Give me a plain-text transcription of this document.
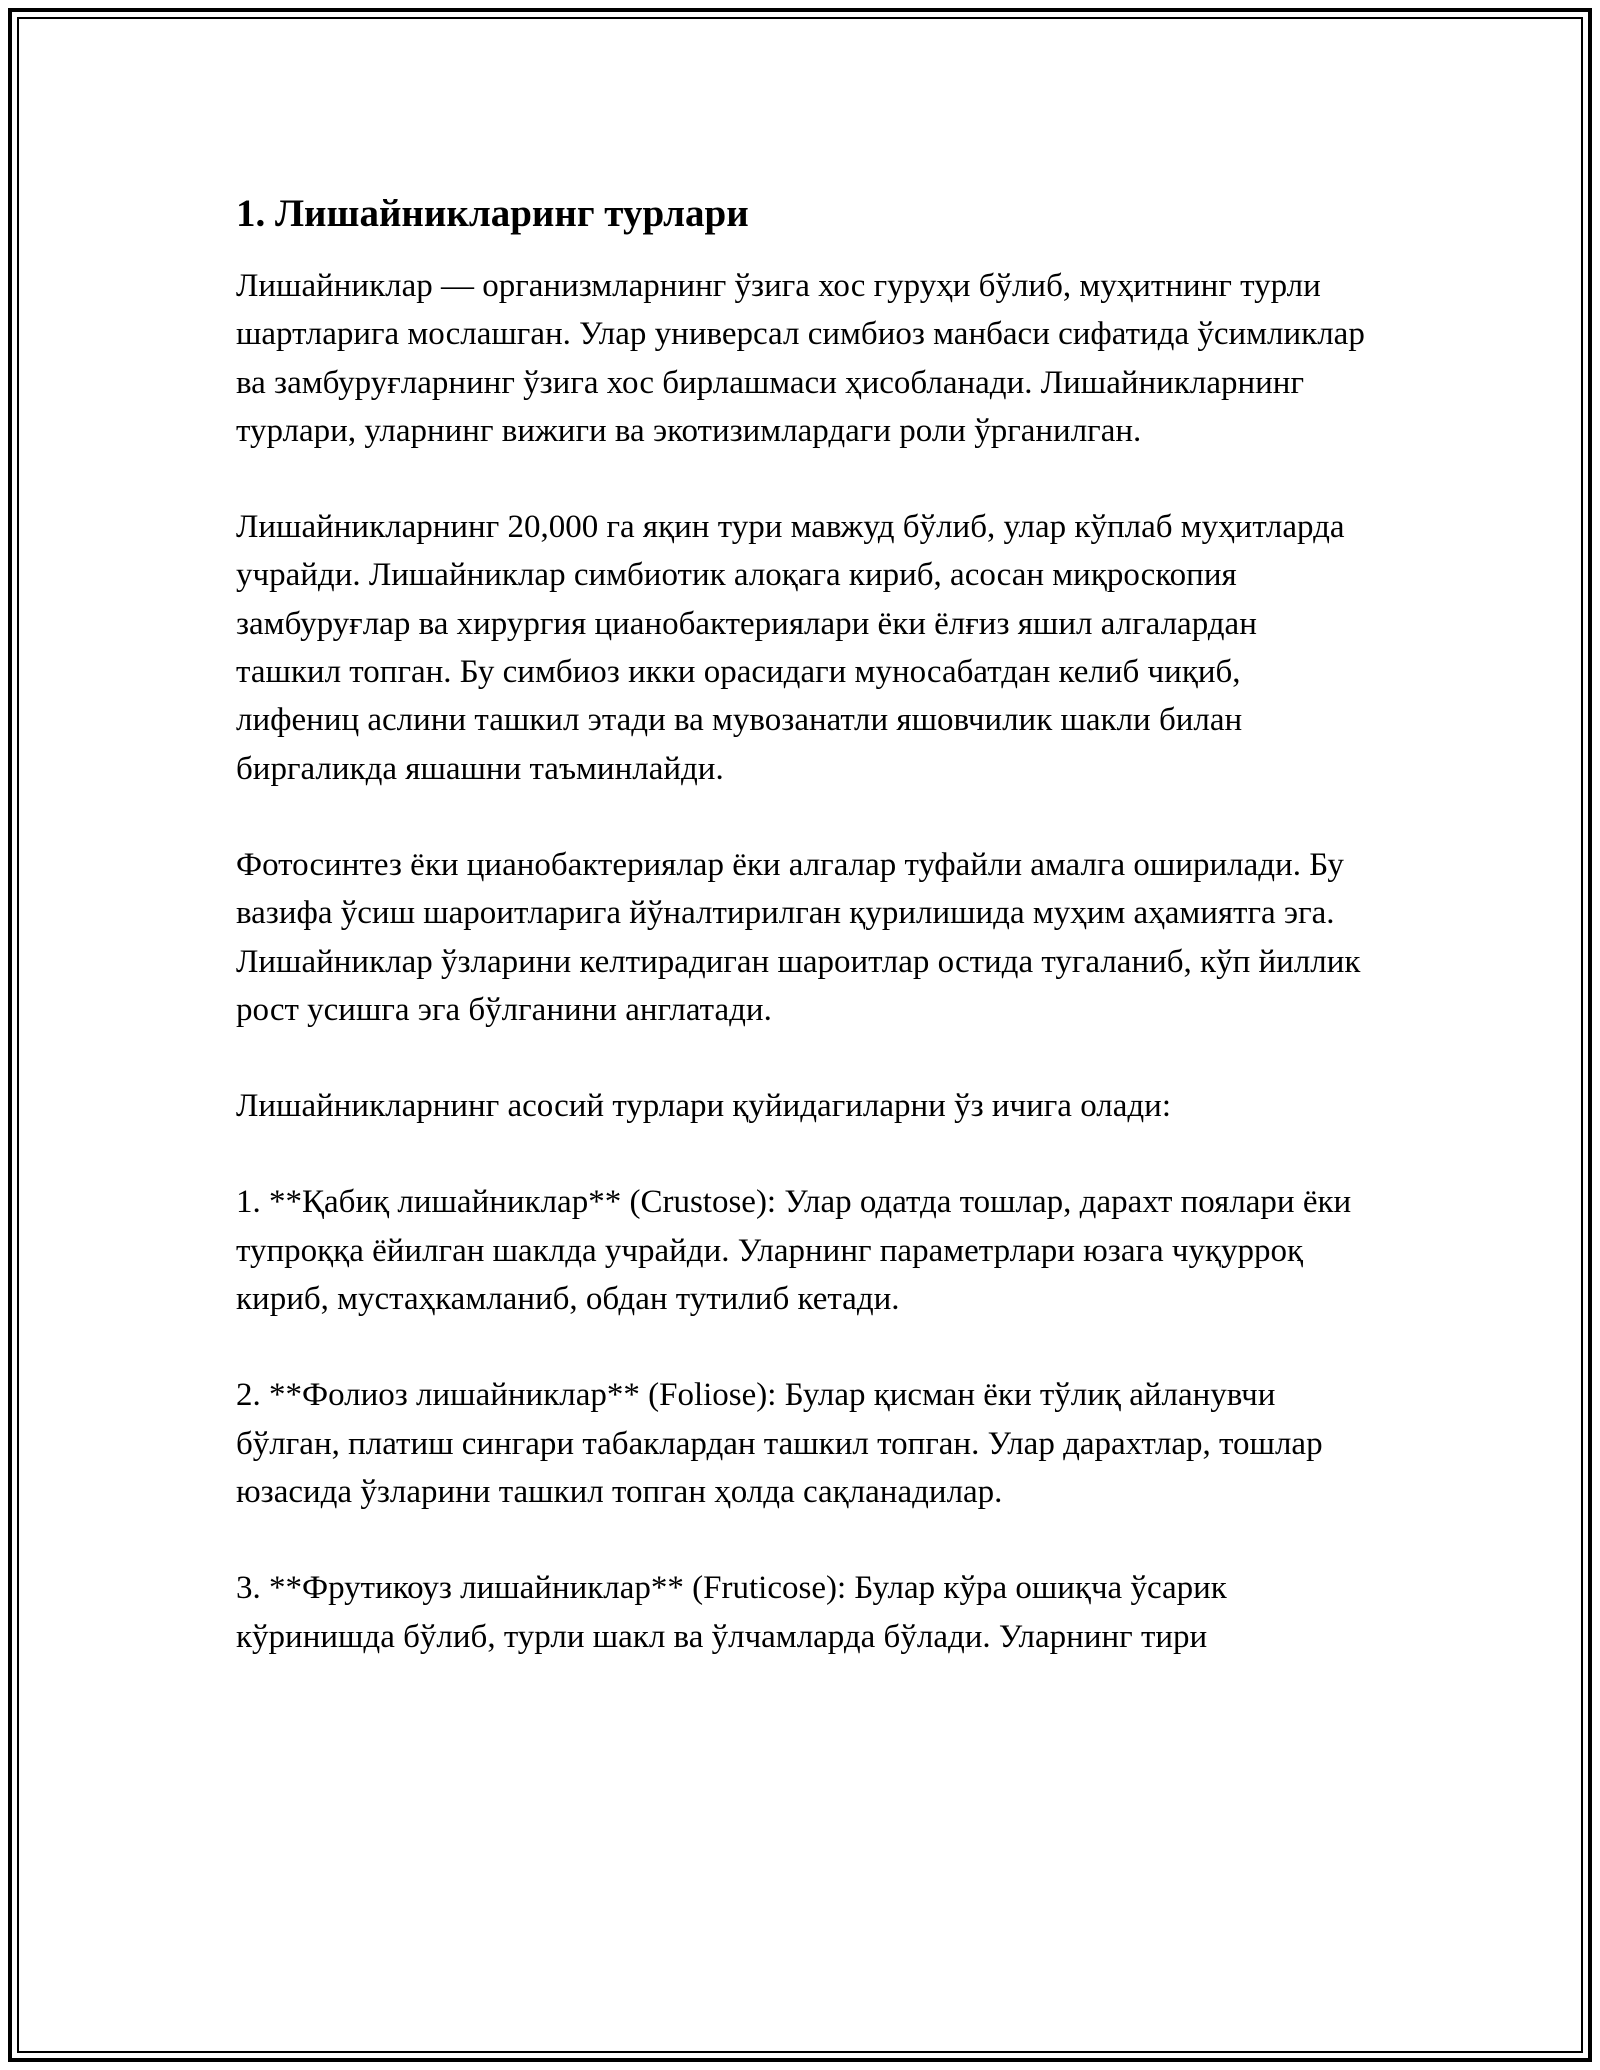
1. Лишайникларинг турлари

Лишайниклар — организмларнинг ўзига хос гуруҳи бўлиб, муҳитнинг турли шартларига мослашган. Улар универсал симбиоз манбаси сифатида ўсимликлар ва замбуруғларнинг ўзига хос бирлашмаси ҳисобланади. Лишайникларнинг турлари, уларнинг вижиги ва экотизимлардаги роли ўрганилган.

Лишайникларнинг 20,000 га яқин тури мавжуд бўлиб, улар кўплаб муҳитларда учрайди. Лишайниклар симбиотик алоқага кириб, асосан миқроскопия замбуруғлар ва хирургия цианобактериялари ёки ёлғиз яшил алгалардан ташкил топган. Бу симбиоз икки орасидаги муносабатдан келиб чиқиб, лифениц аслини ташкил этади ва мувозанатли яшовчилик шакли билан биргаликда яшашни таъминлайди.

Фотосинтез ёки цианобактериялар ёки алгалар туфайли амалга оширилади. Бу вазифа ўсиш шароитларига йўналтирилган қурилишида муҳим аҳамиятга эга. Лишайниклар ўзларини келтирадиган шароитлар остида тугаланиб, кўп йиллик рост усишга эга бўлганини англатади.

Лишайникларнинг асосий турлари қуйидагиларни ўз ичига олади:

1. **Қабиқ лишайниклар** (Crustose): Улар одатда тошлар, дарахт поялари ёки тупроққа ёйилган шаклда учрайди. Уларнинг параметрлари юзага чуқурроқ кириб, мустаҳкамланиб, обдан тутилиб кетади.

2. **Фолиоз лишайниклар** (Foliose): Булар қисман ёки тўлиқ айланувчи бўлган, платиш сингари табаклардан ташкил топган. Улар дарахтлар, тошлар юзасида ўзларини ташкил топган ҳолда сақланадилар.

3. **Фрутикоуз лишайниклар** (Fruticose): Булар кўра ошиқча ўсарик кўринишда бўлиб, турли шакл ва ўлчамларда бўлади. Уларнинг тири
